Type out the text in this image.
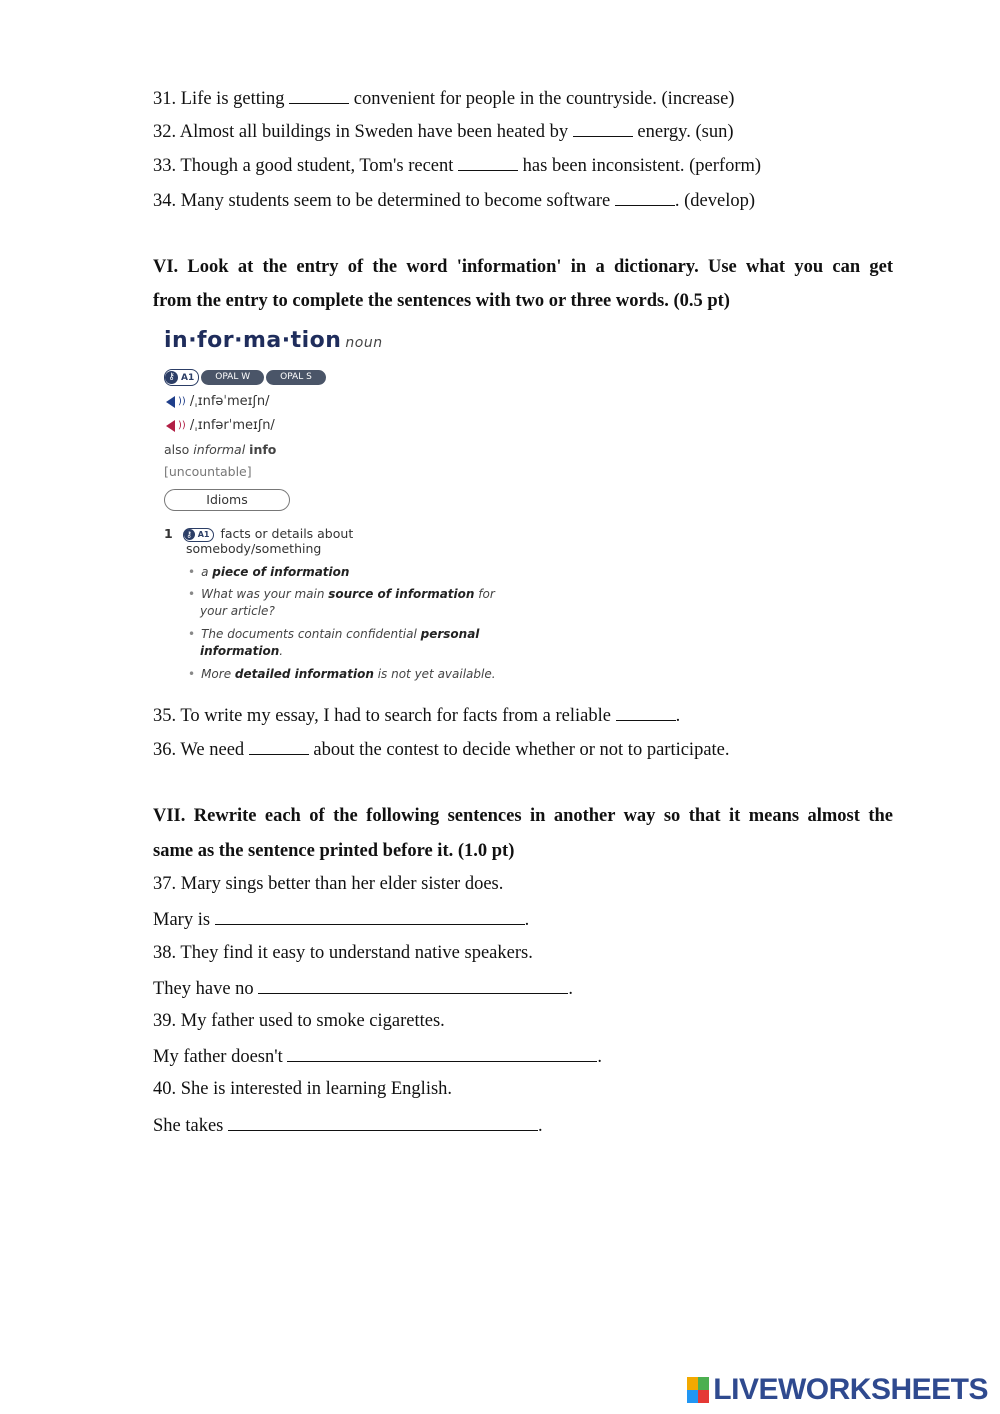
31. Life is getting	convenient for people in the countryside. (increase)
32. Almost all buildings in Sweden have been heated by	energy. (sun)
33. Though a good student, Tom's recent	has been inconsistent. (perform)
34. Many students seem to be determined to become software	. (develop)
VI. Look at the entry of the word 'information' in a dictionary. Use what you can get
from the entry to complete the sentences with two or three words. (0.5 pt)
in·for·ma·tion noun
⚷ A1 OPAL W	OPAL S
)) /ˌɪnfəˈmeɪʃn/
)) /ˌɪnfərˈmeɪʃn/
also informal info
[uncountable]
Idioms
1	⚷ A1 facts or details about
somebody/something
• a piece of information
• What was your main source of information for
your article?
• The documents contain confidential personal
information.
• More detailed information is not yet available.
35. To write my essay, I had to search for facts from a reliable	.
36. We need	about the contest to decide whether or not to participate.
VII. Rewrite each of the following sentences in another way so that it means almost the
same as the sentence printed before it. (1.0 pt)
37. Mary sings better than her elder sister does.
Mary is	.
38. They find it easy to understand native speakers.
They have no	.
39. My father used to smoke cigarettes.
My father doesn't	.
40. She is interested in learning English.
She takes	.
LIVEWORKSHEETS
